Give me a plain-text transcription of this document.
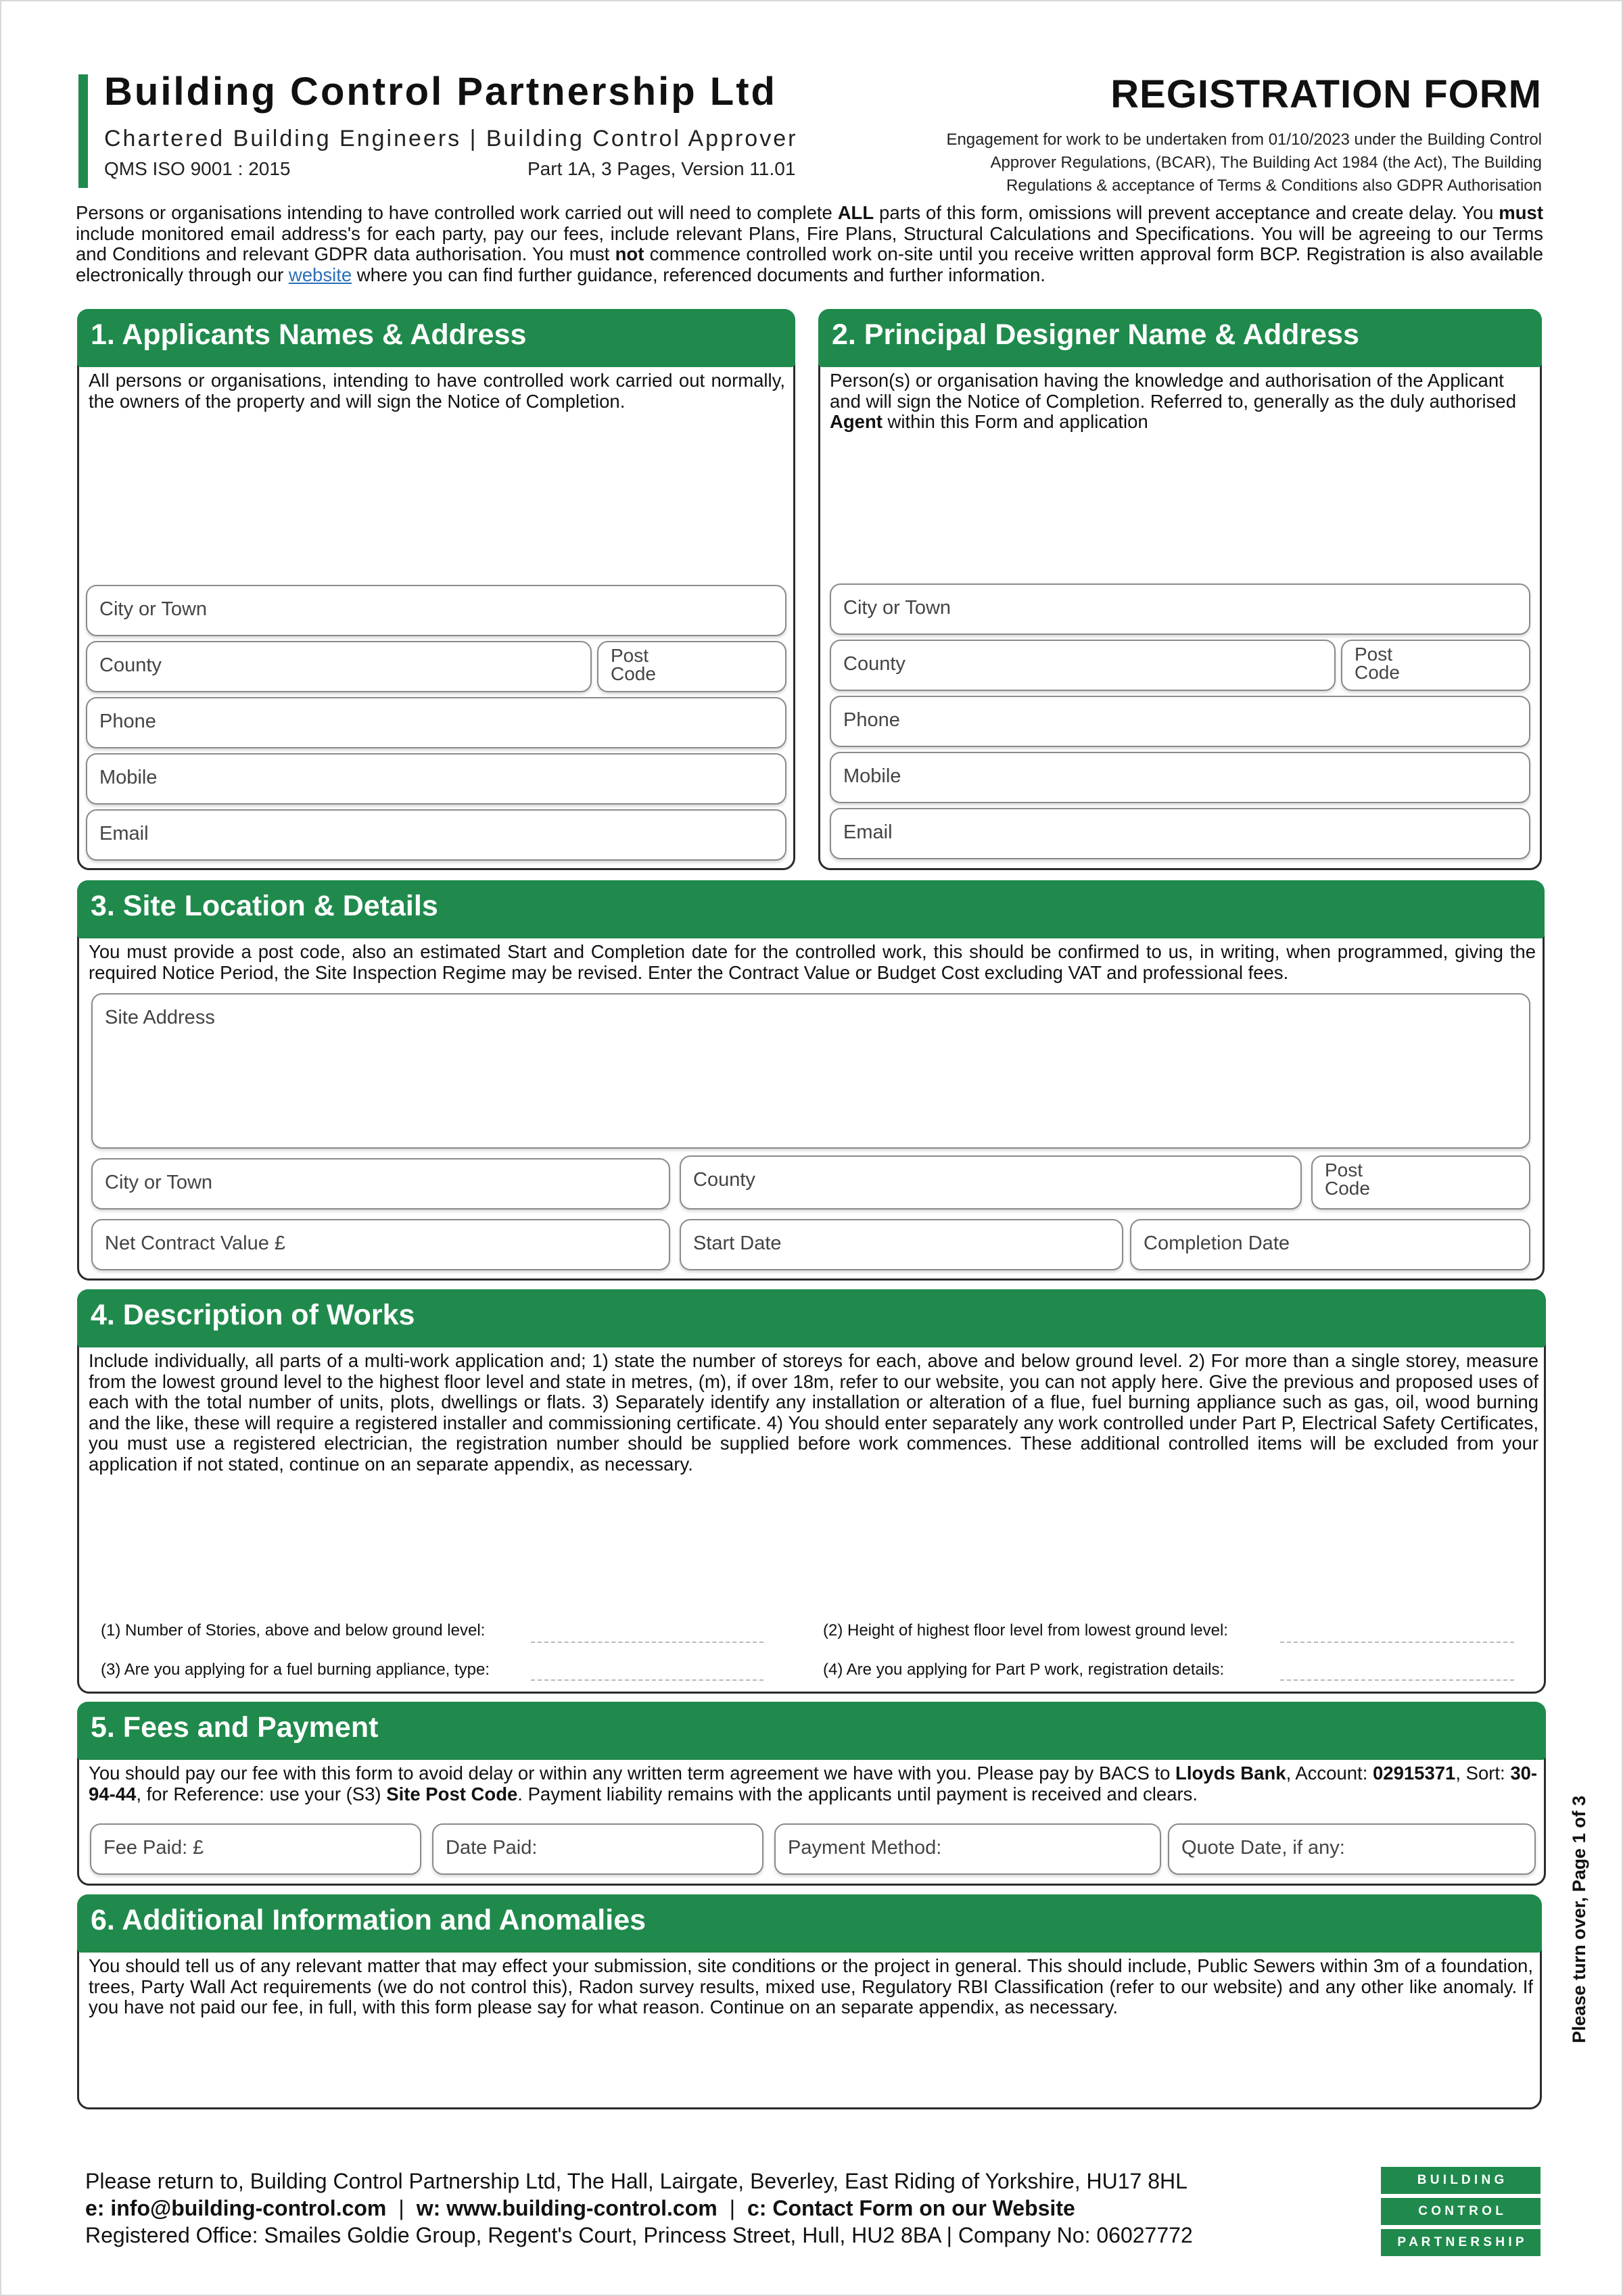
Building Control Partnership Ltd
Chartered Building Engineers | Building Control Approver
QMS ISO 9001 : 2015	Part 1A, 3 Pages, Version 11.01
REGISTRATION FORM
Engagement for work to be undertaken from 01/10/2023 under the Building Control
Approver Regulations, (BCAR), The Building Act 1984 (the Act), The Building
Regulations & acceptance of Terms & Conditions also GDPR Authorisation
Persons or organisations intending to have controlled work carried out will need to complete ALL parts of this form, omissions will prevent acceptance and create delay. You must include monitored email address's for each party, pay our fees, include relevant Plans, Fire Plans, Structural Calculations and Specifications. You will be agreeing to our Terms and Conditions and relevant GDPR data authorisation. You must not commence controlled work on-site until you receive written approval form BCP. Registration is also available electronically through our website where you can find further guidance, referenced documents and further information.
1. Applicants Names & Address
All persons or organisations, intending to have controlled work carried out normally, the owners of the property and will sign the Notice of Completion.
City or Town
County	Post Code
Phone
Mobile
Email
2. Principal Designer Name & Address
Person(s) or organisation having the knowledge and authorisation of the Applicant and will sign the Notice of Completion. Referred to, generally as the duly authorised Agent within this Form and application
City or Town
County	Post Code
Phone
Mobile
Email
3. Site Location & Details
You must provide a post code, also an estimated Start and Completion date for the controlled work, this should be confirmed to us, in writing, when programmed, giving the required Notice Period, the Site Inspection Regime may be revised. Enter the Contract Value or Budget Cost excluding VAT and professional fees.
Site Address
City or Town	County	Post Code
Net Contract Value £	Start Date	Completion Date
4. Description of Works
Include individually, all parts of a multi-work application and; 1) state the number of storeys for each, above and below ground level. 2) For more than a single storey, measure from the lowest ground level to the highest floor level and state in metres, (m), if over 18m, refer to our website, you can not apply here. Give the previous and proposed uses of each with the total number of units, plots, dwellings or flats. 3) Separately identify any installation or alteration of a flue, fuel burning appliance such as gas, oil, wood burning and the like, these will require a registered installer and commissioning certificate. 4) You should enter separately any work controlled under Part P, Electrical Safety Certificates, you must use a registered electrician, the registration number should be supplied before work commences. These additional controlled items will be excluded from your application if not stated, continue on an separate appendix, as necessary.
(1) Number of Stories, above and below ground level:	(2) Height of highest floor level from lowest ground level:
(3) Are you applying for a fuel burning appliance, type:	(4) Are you applying for Part P work, registration details:
5. Fees and Payment
You should pay our fee with this form to avoid delay or within any written term agreement we have with you. Please pay by BACS to Lloyds Bank, Account: 02915371, Sort: 30-94-44, for Reference: use your (S3) Site Post Code. Payment liability remains with the applicants until payment is received and clears.
Fee Paid: £	Date Paid:	Payment Method:	Quote Date, if any:
6. Additional Information and Anomalies
You should tell us of any relevant matter that may effect your submission, site conditions or the project in general. This should include, Public Sewers within 3m of a foundation, trees, Party Wall Act requirements (we do not control this), Radon survey results, mixed use, Regulatory RBI Classification (refer to our website) and any other like anomaly. If you have not paid our fee, in full, with this form please say for what reason. Continue on an separate appendix, as necessary.	Please turn over, Page 1 of 3
Please return to, Building Control Partnership Ltd, The Hall, Lairgate, Beverley, East Riding of Yorkshire, HU17 8HL
e: info@building-control.com | w: www.building-control.com | c: Contact Form on our Website
Registered Office: Smailes Goldie Group, Regent's Court, Princess Street, Hull, HU2 8BA | Company No: 06027772
B U I L D I N G
C O N T R O L
P A R T N E R S H I P
